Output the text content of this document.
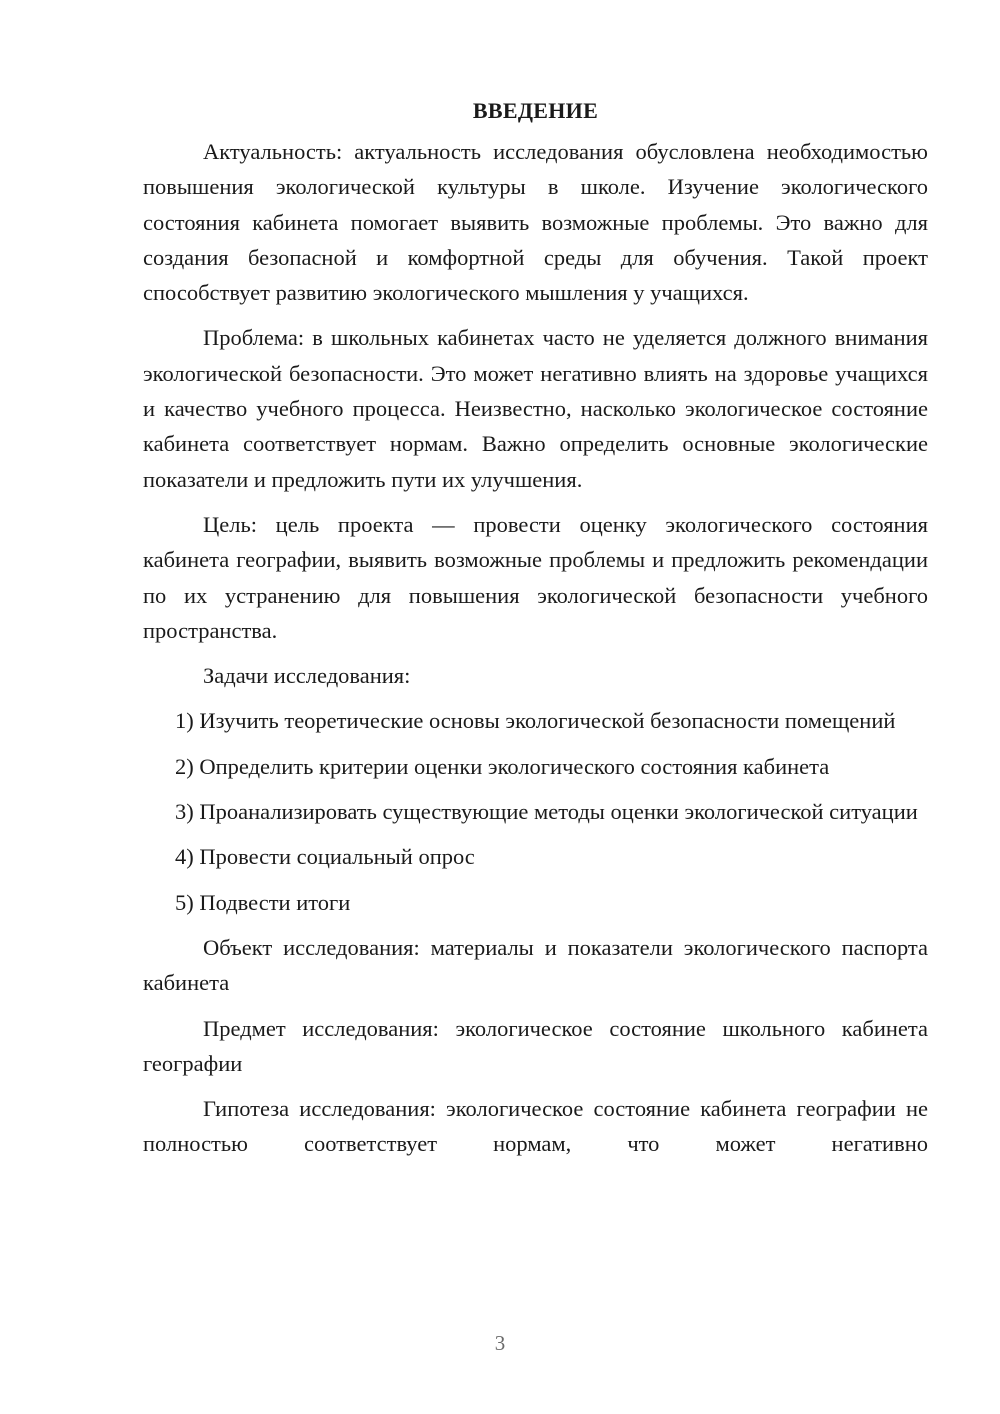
ВВЕДЕНИЕ

Актуальность: актуальность исследования обусловлена необходимостью повышения экологической культуры в школе. Изучение экологического состояния кабинета помогает выявить возможные проблемы. Это важно для создания безопасной и комфортной среды для обучения. Такой проект способствует развитию экологического мышления у учащихся.

Проблема: в школьных кабинетах часто не уделяется должного внимания экологической безопасности. Это может негативно влиять на здоровье учащихся и качество учебного процесса. Неизвестно, насколько экологическое состояние кабинета соответствует нормам. Важно определить основные экологические показатели и предложить пути их улучшения.

Цель: цель проекта — провести оценку экологического состояния кабинета географии, выявить возможные проблемы и предложить рекомендации по их устранению для повышения экологической безопасности учебного пространства.

Задачи исследования:

1) Изучить теоретические основы экологической безопасности помещений

2) Определить критерии оценки экологического состояния кабинета

3) Проанализировать существующие методы оценки экологической ситуации

4) Провести социальный опрос

5) Подвести итоги

Объект исследования: материалы и показатели экологического паспорта кабинета

Предмет исследования: экологическое состояние школьного кабинета географии

Гипотеза исследования: экологическое состояние кабинета географии не полностью соответствует нормам, что может негативно

3
